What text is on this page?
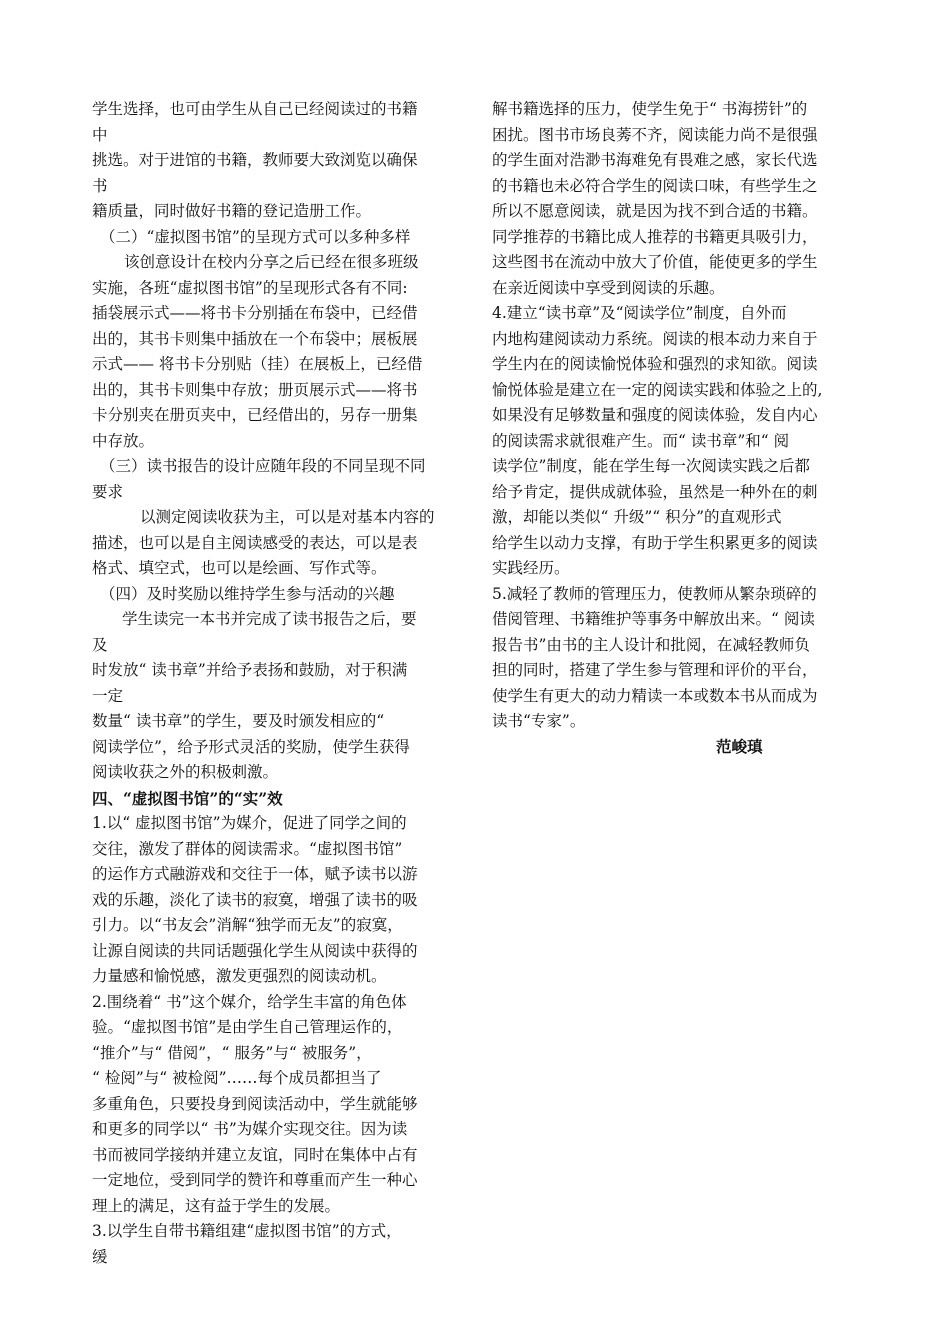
学生选择，也可由学生从自己已经阅读过的书籍
中
挑选。对于进馆的书籍，教师要大致浏览以确保
书
籍质量，同时做好书籍的登记造册工作。
（二）“虚拟图书馆”的呈现方式可以多种多样
该创意设计在校内分享之后已经在很多班级
实施，各班“虚拟图书馆”的呈现形式各有不同:
插袋展示式——将书卡分别插在布袋中，已经借
出的，其书卡则集中插放在一个布袋中；展板展
示式—— 将书卡分别贴（挂）在展板上，已经借
出的，其书卡则集中存放；册页展示式——将书
卡分别夹在册页夹中，已经借出的，另存一册集
中存放。
（三）读书报告的设计应随年段的不同呈现不同
要求
以测定阅读收获为主，可以是对基本内容的
描述，也可以是自主阅读感受的表达，可以是表
格式、填空式，也可以是绘画、写作式等。
（四）及时奖励以维持学生参与活动的兴趣
学生读完一本书并完成了读书报告之后，要
及
时发放“ 读书章”并给予表扬和鼓励，对于积满
一定
数量“ 读书章”的学生，要及时颁发相应的“
阅读学位”，给予形式灵活的奖励，使学生获得
阅读收获之外的积极刺激。
四、“虚拟图书馆”的“实”效
1.以“ 虚拟图书馆”为媒介，促进了同学之间的
交往，激发了群体的阅读需求。“虚拟图书馆”
的运作方式融游戏和交往于一体，赋予读书以游
戏的乐趣，淡化了读书的寂寞，增强了读书的吸
引力。以“书友会”消解“独学而无友”的寂寞，
让源自阅读的共同话题强化学生从阅读中获得的
力量感和愉悦感，激发更强烈的阅读动机。
2.围绕着“ 书”这个媒介，给学生丰富的角色体
验。“虚拟图书馆”是由学生自己管理运作的，
“推介”与“ 借阅”，“ 服务”与“ 被服务”，
“ 检阅”与“ 被检阅”……每个成员都担当了
多重角色，只要投身到阅读活动中，学生就能够
和更多的同学以“ 书”为媒介实现交往。因为读
书而被同学接纳并建立友谊，同时在集体中占有
一定地位，受到同学的赞许和尊重而产生一种心
理上的满足，这有益于学生的发展。
3.以学生自带书籍组建“虚拟图书馆”的方式，
缓
解书籍选择的压力，使学生免于“ 书海捞针”的
困扰。图书市场良莠不齐，阅读能力尚不是很强
的学生面对浩渺书海难免有畏难之感，家长代选
的书籍也未必符合学生的阅读口味，有些学生之
所以不愿意阅读，就是因为找不到合适的书籍。
同学推荐的书籍比成人推荐的书籍更具吸引力，
这些图书在流动中放大了价值，能使更多的学生
在亲近阅读中享受到阅读的乐趣。
4.建立“读书章”及“阅读学位”制度，自外而
内地构建阅读动力系统。阅读的根本动力来自于
学生内在的阅读愉悦体验和强烈的求知欲。阅读
愉悦体验是建立在一定的阅读实践和体验之上的,
如果没有足够数量和强度的阅读体验，发自内心
的阅读需求就很难产生。而“ 读书章”和“ 阅
读学位”制度，能在学生每一次阅读实践之后都
给予肯定，提供成就体验，虽然是一种外在的刺
激，却能以类似“ 升级”“ 积分”的直观形式
给学生以动力支撑，有助于学生积累更多的阅读
实践经历。
5.减轻了教师的管理压力，使教师从繁杂琐碎的
借阅管理、书籍维护等事务中解放出来。“ 阅读
报告书”由书的主人设计和批阅，在减轻教师负
担的同时，搭建了学生参与管理和评价的平台，
使学生有更大的动力精读一本或数本书从而成为
读书“专家”。
范峻瑱
